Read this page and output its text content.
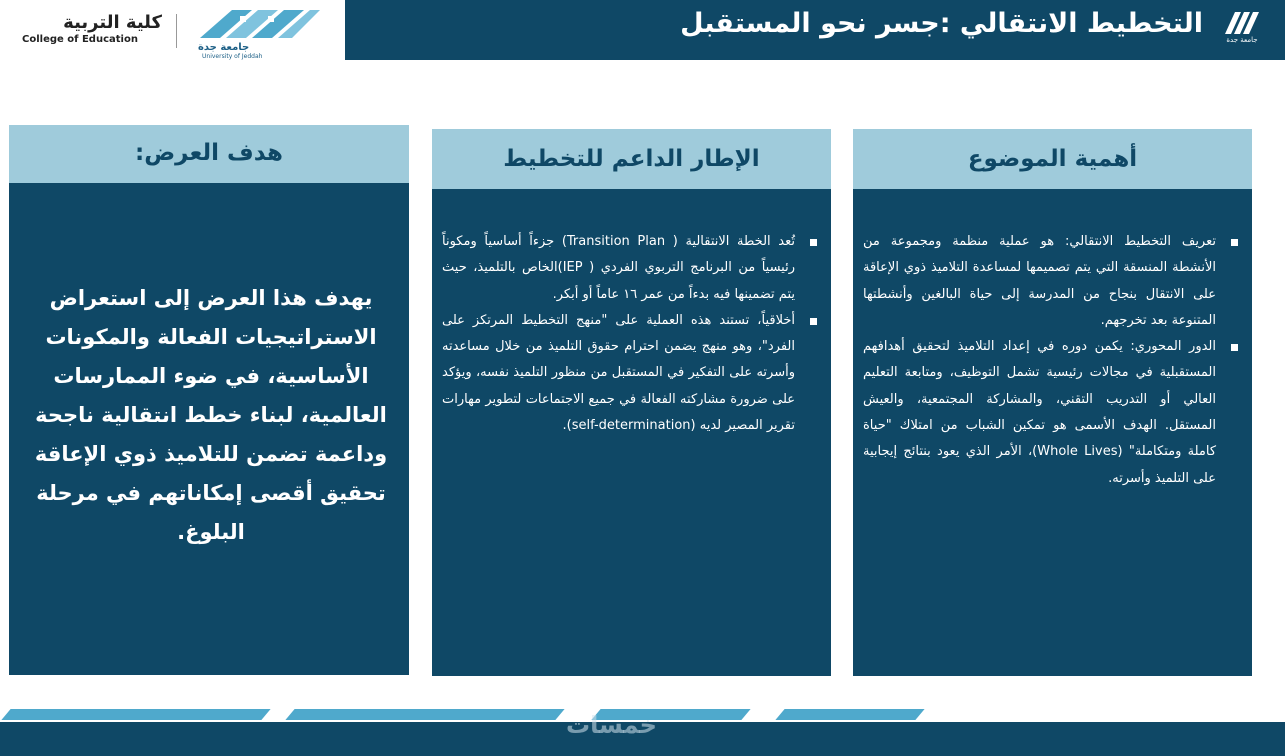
كلية التربية
College of Education
جامعة جدة
University of Jeddah
التخطيط الانتقالي :جسر نحو المستقبل
جامعة جدة
هدف العرض:
يهدف هذا العرض إلى استعراض الاستراتيجيات الفعالة والمكونات الأساسية، في ضوء الممارسات العالمية، لبناء خطط انتقالية ناجحة وداعمة تضمن للتلاميذ ذوي الإعاقة تحقيق أقصى إمكاناتهم في مرحلة البلوغ.
الإطار الداعم للتخطيط
تُعد الخطة الانتقالية ( Transition Plan) جزءاً أساسياً ومكوناً رئيسياً من البرنامج التربوي الفردي ( IEP)الخاص بالتلميذ، حيث يتم تضمينها فيه بدءاً من عمر ١٦ عاماً أو أبكر.
أخلاقياً، تستند هذه العملية على "منهج التخطيط المرتكز على الفرد"، وهو منهج يضمن احترام حقوق التلميذ من خلال مساعدته وأسرته على التفكير في المستقبل من منظور التلميذ نفسه، ويؤكد على ضرورة مشاركته الفعالة في جميع الاجتماعات لتطوير مهارات تقرير المصير لديه (self-determination).
أهمية الموضوع
تعريف التخطيط الانتقالي: هو عملية منظمة ومجموعة من الأنشطة المنسقة التي يتم تصميمها لمساعدة التلاميذ ذوي الإعاقة على الانتقال بنجاح من المدرسة إلى حياة البالغين وأنشطتها المتنوعة بعد تخرجهم.
الدور المحوري: يكمن دوره في إعداد التلاميذ لتحقيق أهدافهم المستقبلية في مجالات رئيسية تشمل التوظيف، ومتابعة التعليم العالي أو التدريب التقني، والمشاركة المجتمعية، والعيش المستقل. الهدف الأسمى هو تمكين الشباب من امتلاك "حياة كاملة ومتكاملة" (Whole Lives)، الأمر الذي يعود بنتائج إيجابية على التلميذ وأسرته.
خمسات
